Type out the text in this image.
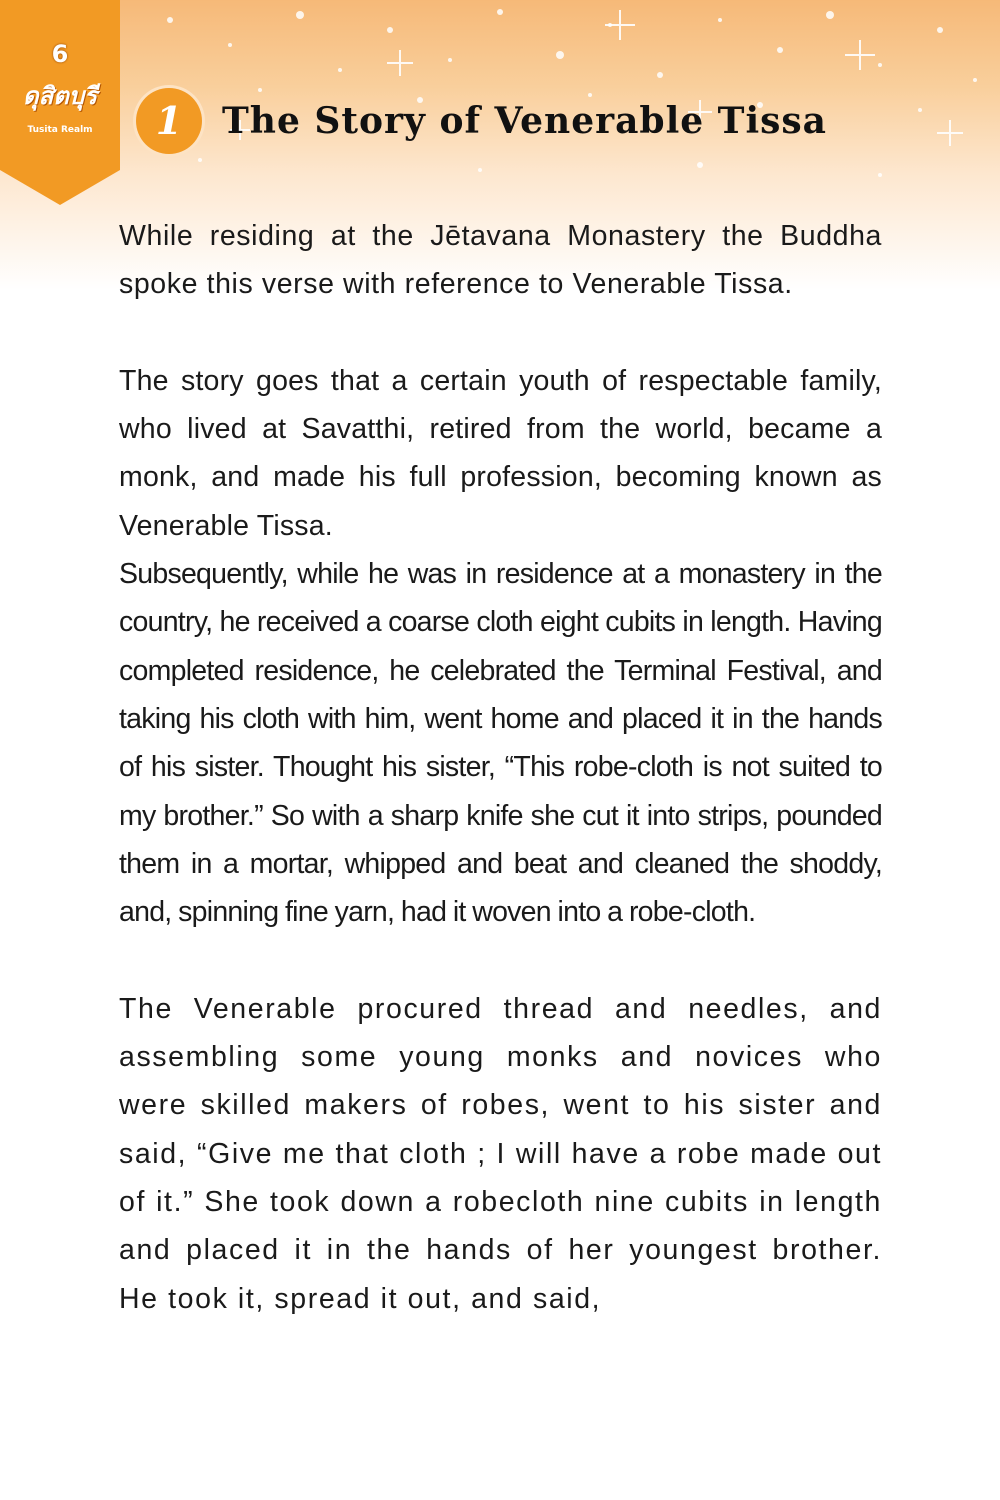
6
ดุสิตบุรี
Tusita Realm	1	The Story of Venerable Tissa

While residing at the Jētavana Monastery the Buddha spoke this verse with reference to Venerable Tissa.

The story goes that a certain youth of respectable family, who lived at Savatthi, retired from the world, became a monk, and made his full profession, becoming known as Venerable Tissa.

Subsequently, while he was in residence at a monastery in the country, he received a coarse cloth eight cubits in length. Having completed residence, he celebrated the Terminal Festival, and taking his cloth with him, went home and placed it in the hands of his sister. Thought his sister, “This robe-cloth is not suited to my brother.” So with a sharp knife she cut it into strips, pounded them in a mortar, whipped and beat and cleaned the shoddy, and, spinning fine yarn, had it woven into a robe-cloth.

The Venerable procured thread and needles, and assembling some young monks and novices who were skilled makers of robes, went to his sister and said, “Give me that cloth ; I will have a robe made out of it.” She took down a robecloth nine cubits in length and placed it in the hands of her youngest brother. He took it, spread it out, and said,
